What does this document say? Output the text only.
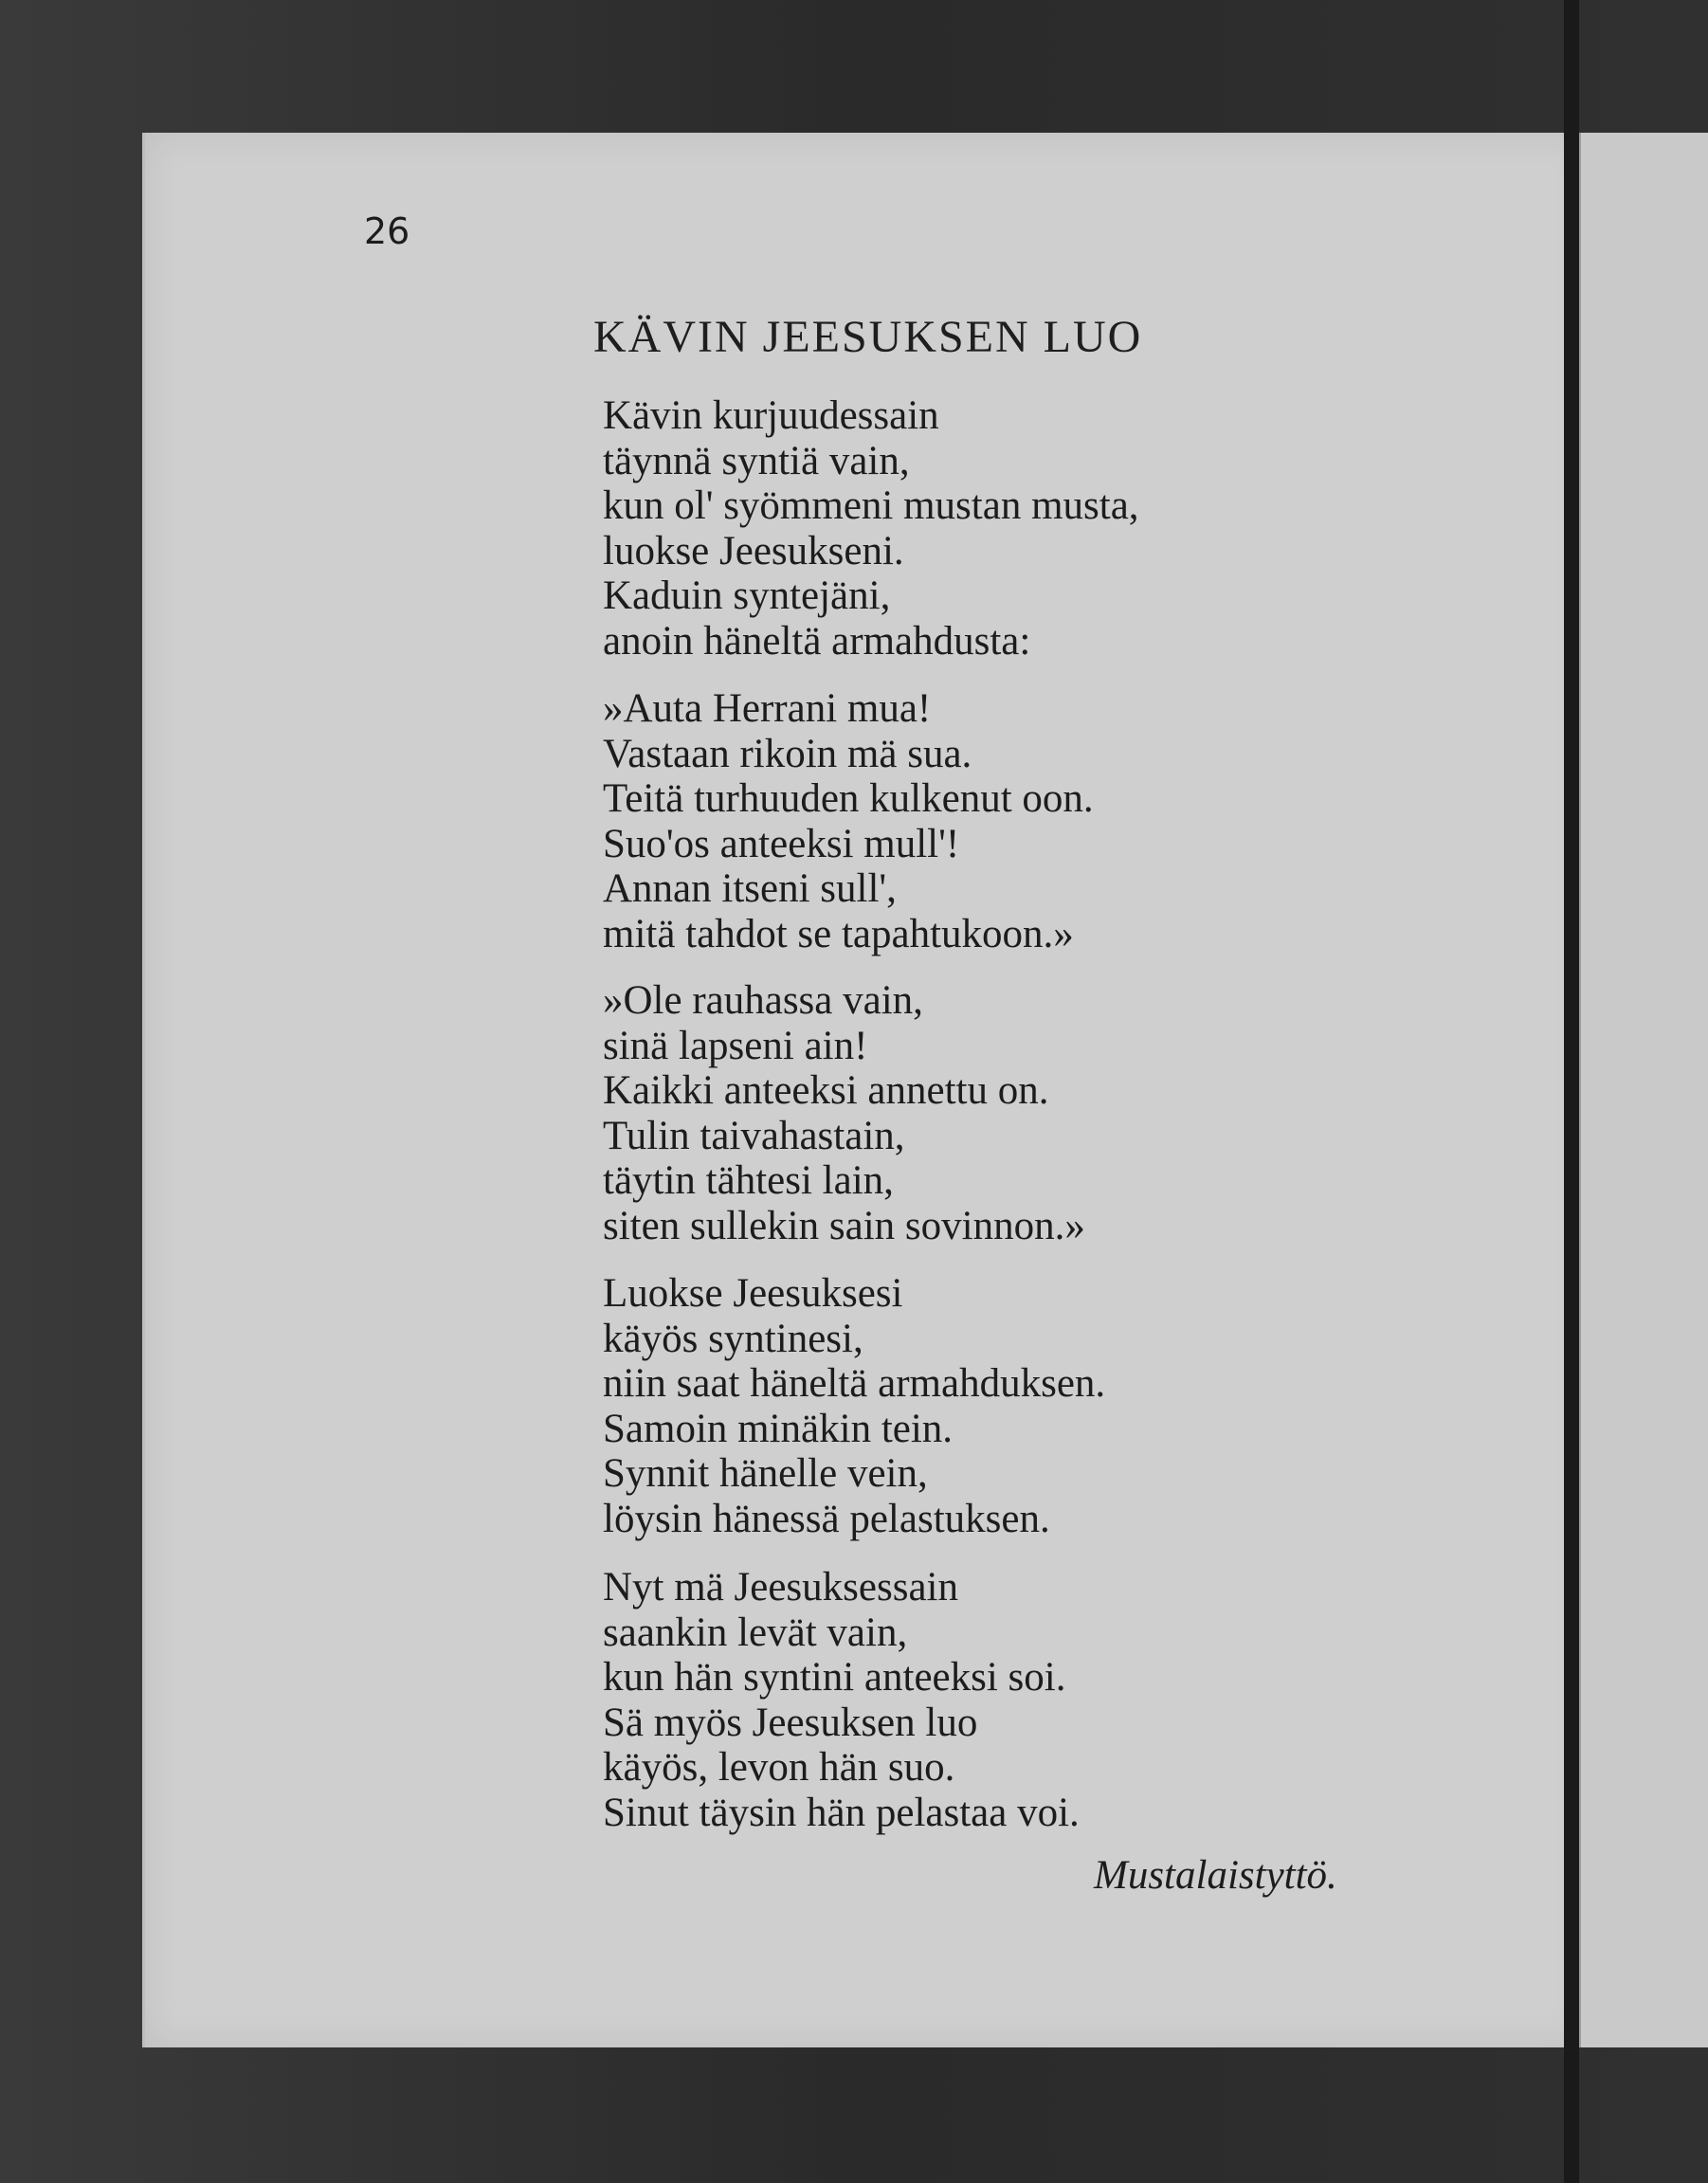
26

KÄVIN JEESUKSEN LUO

Kävin kurjuudessain
täynnä syntiä vain,
kun ol' syömmeni mustan musta,
luokse Jeesukseni.
Kaduin syntejäni,
anoin häneltä armahdusta:

»Auta Herrani mua!
Vastaan rikoin mä sua.
Teitä turhuuden kulkenut oon.
Suo'os anteeksi mull'!
Annan itseni sull',
mitä tahdot se tapahtukoon.»

»Ole rauhassa vain,
sinä lapseni ain!
Kaikki anteeksi annettu on.
Tulin taivahastain,
täytin tähtesi lain,
siten sullekin sain sovinnon.»

Luokse Jeesuksesi
käyös syntinesi,
niin saat häneltä armahduksen.
Samoin minäkin tein.
Synnit hänelle vein,
löysin hänessä pelastuksen.

Nyt mä Jeesuksessain
saankin levät vain,
kun hän syntini anteeksi soi.
Sä myös Jeesuksen luo
käyös, levon hän suo.
Sinut täysin hän pelastaa voi.

Mustalaistyttö.
